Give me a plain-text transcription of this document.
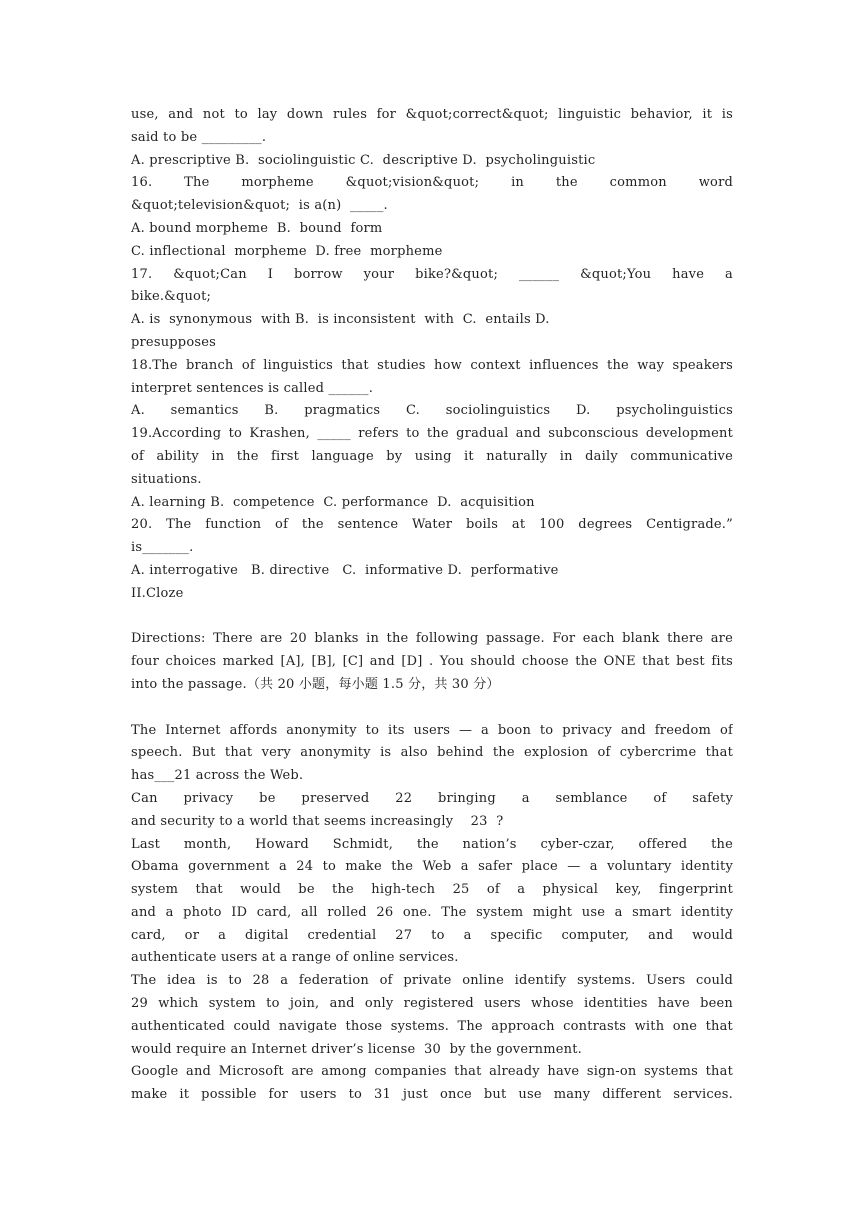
use, and not to lay down rules for &quot;correct&quot; linguistic behavior, it is
said to be _________.
A. prescriptive B.  sociolinguistic C.  descriptive D.  psycholinguistic
16. The morpheme &quot;vision&quot; in the common word
&quot;television&quot;  is a(n)  _____.
A. bound morpheme  B.  bound  form
C. inflectional  morpheme  D. free  morpheme
17. &quot;Can I borrow your bike?&quot; ______ &quot;You have a
bike.&quot;
A. is  synonymous  with B.  is inconsistent  with  C.  entails D.
presupposes
18.The branch of linguistics that studies how context influences the way speakers
interpret sentences is called ______.
A. semantics B. pragmatics C. sociolinguistics D. psycholinguistics
19.According to Krashen, _____ refers to the gradual and subconscious development
of ability in the first language by using it naturally in daily communicative
situations.
A. learning B.  competence  C. performance  D.  acquisition
20. The function of the sentence Water boils at 100 degrees Centigrade.”
is_______.
A. interrogative   B. directive   C.  informative D.  performative
II.Cloze
Directions: There are 20 blanks in the following passage. For each blank there are
four choices marked [A], [B], [C] and [D] . You should choose the ONE that best fits
into the passage.（共 20 小题，每小题 1.5 分，共 30 分）
The Internet affords anonymity to its users — a boon to privacy and freedom of
speech. But that very anonymity is also behind the explosion of cybercrime that
has___21 across the Web.
Can privacy be preserved 22 bringing a semblance of safety
and security to a world that seems increasingly    23  ?
Last month, Howard Schmidt, the nation’s cyber-czar, offered the
Obama government a 24 to make the Web a safer place — a voluntary identity
system that would be the high-tech 25 of a physical key, fingerprint
and a photo ID card, all rolled 26 one. The system might use a smart identity
card, or a digital credential 27 to a specific computer, and would
authenticate users at a range of online services.
The idea is to 28 a federation of private online identify systems. Users could
29 which system to join, and only registered users whose identities have been
authenticated could navigate those systems. The approach contrasts with one that
would require an Internet driver’s license  30  by the government.
Google and Microsoft are among companies that already have sign-on systems that
make it possible for users to 31 just once but use many different services.
